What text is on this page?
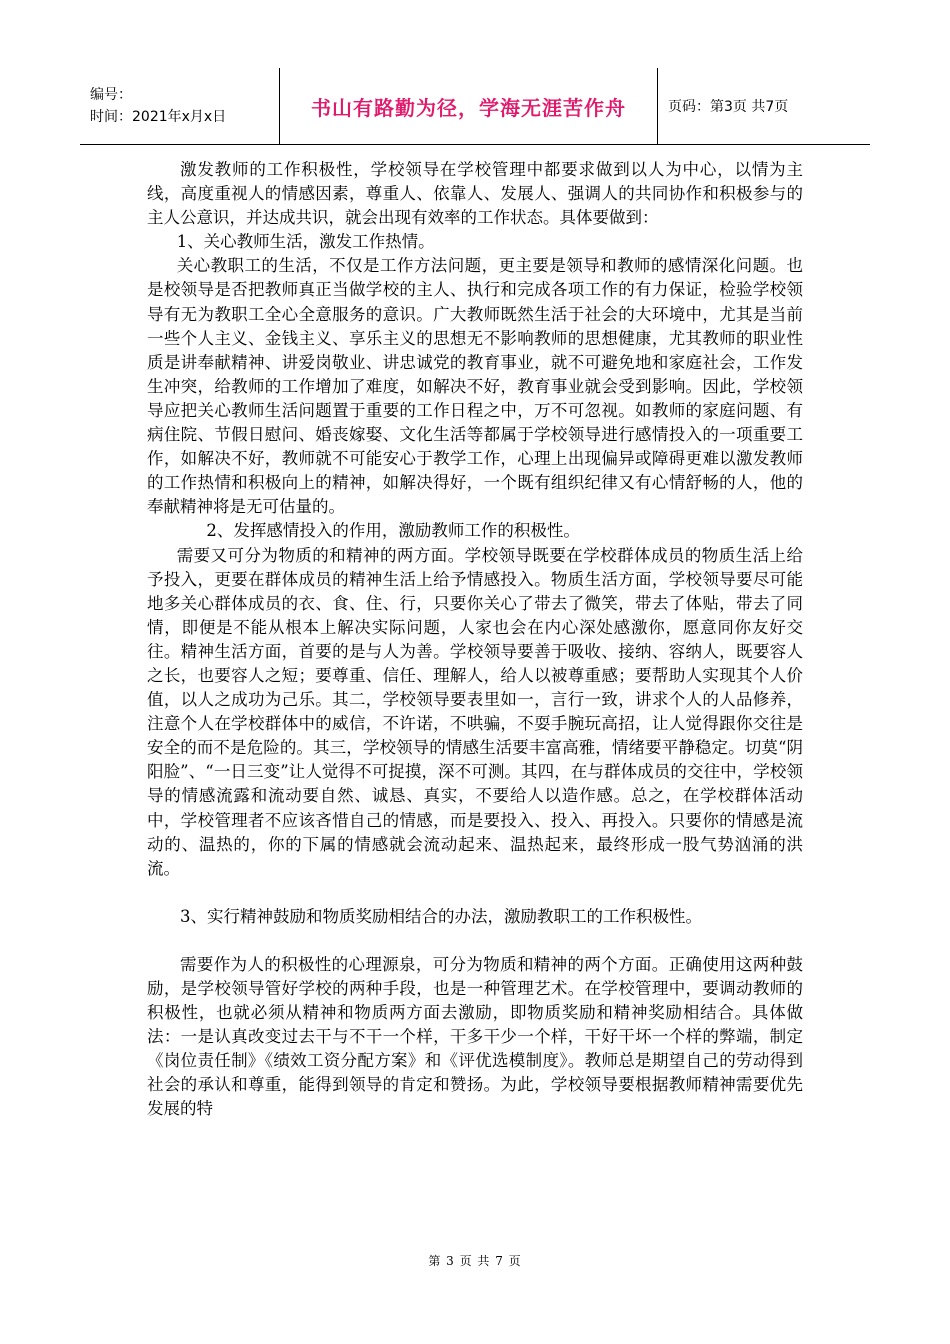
编号：
时间：2021年x月x日	书山有路勤为径，学海无涯苦作舟	页码：第3页 共7页

激发教师的工作积极性，学校领导在学校管理中都要求做到以人为中心，以情为主线，高度重视人的情感因素，尊重人、依靠人、发展人、强调人的共同协作和积极参与的主人公意识，并达成共识，就会出现有效率的工作状态。具体要做到：

1、关心教师生活，激发工作热情。

关心教职工的生活，不仅是工作方法问题，更主要是领导和教师的感情深化问题。也是校领导是否把教师真正当做学校的主人、执行和完成各项工作的有力保证，检验学校领导有无为教职工全心全意服务的意识。广大教师既然生活于社会的大环境中，尤其是当前一些个人主义、金钱主义、享乐主义的思想无不影响教师的思想健康，尤其教师的职业性质是讲奉献精神、讲爱岗敬业、讲忠诚党的教育事业，就不可避免地和家庭社会，工作发生冲突，给教师的工作增加了难度，如解决不好，教育事业就会受到影响。因此，学校领导应把关心教师生活问题置于重要的工作日程之中，万不可忽视。如教师的家庭问题、有病住院、节假日慰问、婚丧嫁娶、文化生活等都属于学校领导进行感情投入的一项重要工作，如解决不好，教师就不可能安心于教学工作，心理上出现偏异或障碍更难以激发教师的工作热情和积极向上的精神，如解决得好，一个既有组织纪律又有心情舒畅的人，他的奉献精神将是无可估量的。

2、发挥感情投入的作用，激励教师工作的积极性。

需要又可分为物质的和精神的两方面。学校领导既要在学校群体成员的物质生活上给予投入，更要在群体成员的精神生活上给予情感投入。物质生活方面，学校领导要尽可能地多关心群体成员的衣、食、住、行，只要你关心了带去了微笑，带去了体贴，带去了同情，即便是不能从根本上解决实际问题，人家也会在内心深处感激你，愿意同你友好交往。精神生活方面，首要的是与人为善。学校领导要善于吸收、接纳、容纳人，既要容人之长，也要容人之短；要尊重、信任、理解人，给人以被尊重感；要帮助人实现其个人价值，以人之成功为己乐。其二，学校领导要表里如一，言行一致，讲求个人的人品修养，注意个人在学校群体中的威信，不许诺，不哄骗，不耍手腕玩高招，让人觉得跟你交往是安全的而不是危险的。其三，学校领导的情感生活要丰富高雅，情绪要平静稳定。切莫“阴阳脸”、“一日三变”让人觉得不可捉摸，深不可测。其四，在与群体成员的交往中，学校领导的情感流露和流动要自然、诚恳、真实，不要给人以造作感。总之，在学校群体活动中，学校管理者不应该吝惜自己的情感，而是要投入、投入、再投入。只要你的情感是流动的、温热的，你的下属的情感就会流动起来、温热起来，最终形成一股气势汹涌的洪流。

3、实行精神鼓励和物质奖励相结合的办法，激励教职工的工作积极性。

需要作为人的积极性的心理源泉，可分为物质和精神的两个方面。正确使用这两种鼓励，是学校领导管好学校的两种手段，也是一种管理艺术。在学校管理中，要调动教师的积极性，也就必须从精神和物质两方面去激励，即物质奖励和精神奖励相结合。具体做法：一是认真改变过去干与不干一个样，干多干少一个样，干好干坏一个样的弊端，制定《岗位责任制》《绩效工资分配方案》和《评优选模制度》。教师总是期望自己的劳动得到社会的承认和尊重，能得到领导的肯定和赞扬。为此，学校领导要根据教师精神需要优先发展的特

第 3 页 共 7 页
